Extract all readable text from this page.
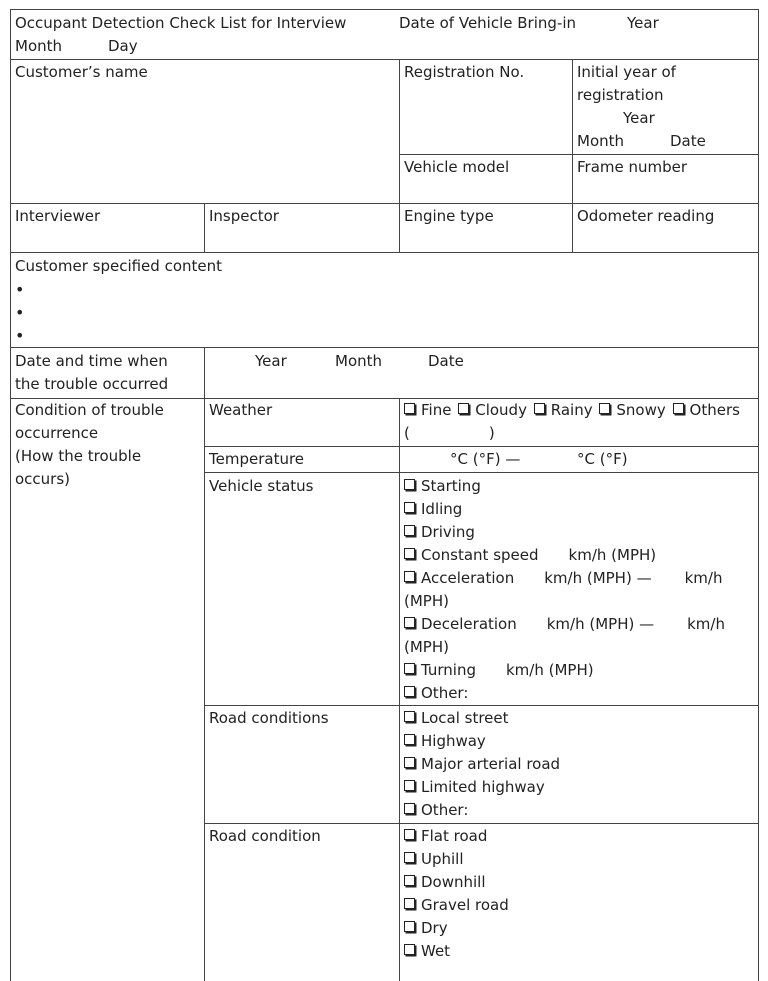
Occupant Detection Check List for Interview	Date of Vehicle Bring-in	Year
Month	Day
Customer’s name	Registration No.	Initial year of
registration
Year
Month	Date
Vehicle model	Frame number
Interviewer	Inspector	Engine type	Odometer reading
Customer specified content
•
•
•
Date and time when
the trouble occurred
Year	Month	Date
Condition of trouble
occurrence
(How the trouble
occurs)
Weather	Fine Cloudy Rainy Snowy Others
(	)
Temperature	°C (°F) —	°C (°F)
Vehicle status	Starting
Idling
Driving
Constant speed km/h (MPH)
Acceleration km/h (MPH) — km/h
(MPH)
Deceleration km/h (MPH) — km/h
(MPH)
Turning km/h (MPH)
Other:
Road conditions	Local street
Highway
Major arterial road
Limited highway
Other:
Road condition	Flat road
Uphill
Downhill
Gravel road
Dry
Wet
